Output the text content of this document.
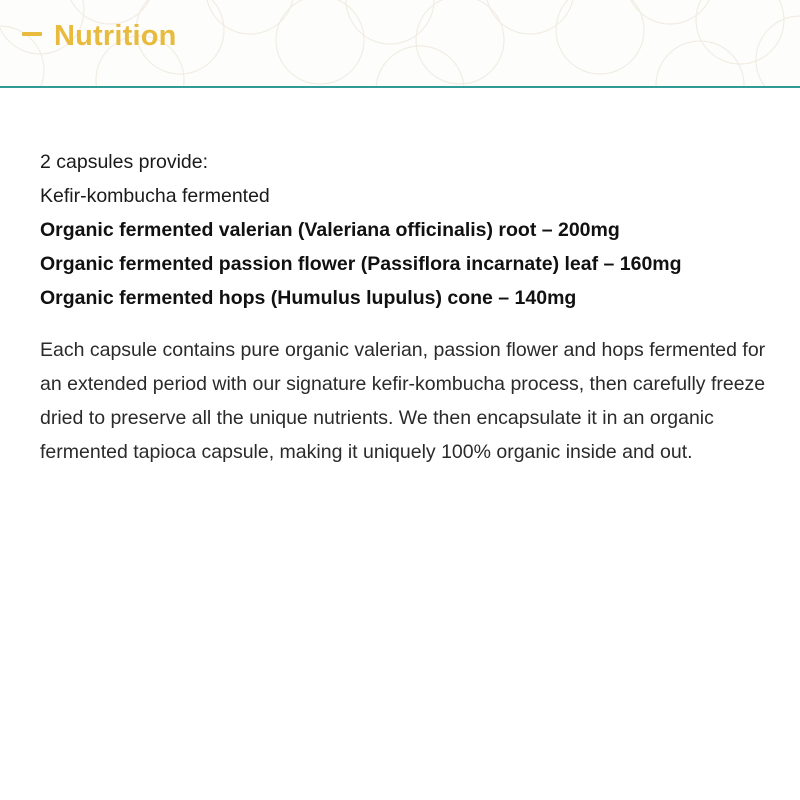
Nutrition

2 capsules provide:

Kefir-kombucha fermented

Organic fermented valerian (Valeriana officinalis) root – 200mg

Organic fermented passion flower (Passiflora incarnate) leaf – 160mg

Organic fermented hops (Humulus lupulus) cone – 140mg

Each capsule contains pure organic valerian, passion flower and hops fermented for an extended period with our signature kefir-kombucha process, then carefully freeze dried to preserve all the unique nutrients. We then encapsulate it in an organic fermented tapioca capsule, making it uniquely 100% organic inside and out.
